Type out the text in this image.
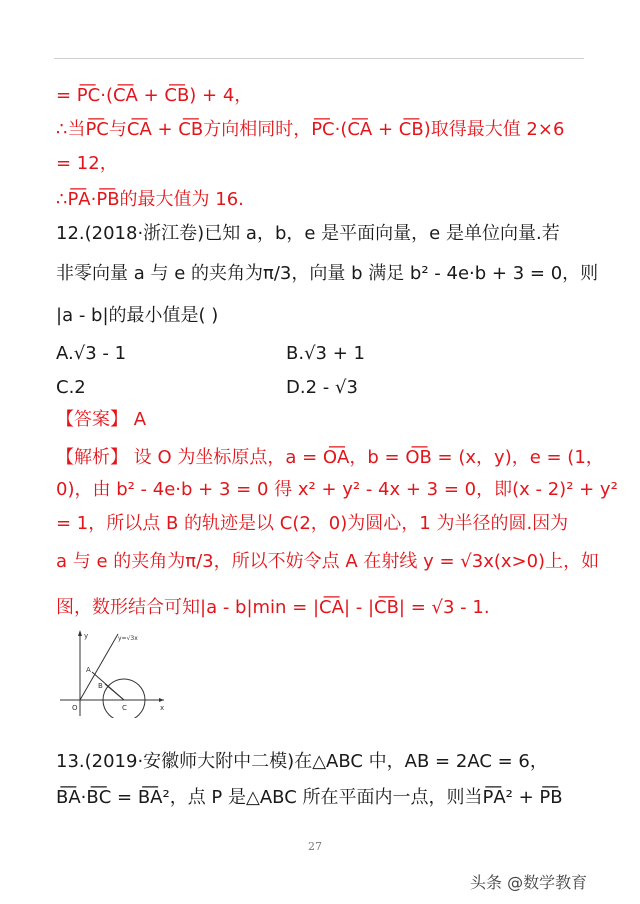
= P͞C·(C͞A + C͞B) + 4，
∴当P͞C与C͞A + C͞B方向相同时，P͞C·(C͞A + C͞B)取得最大值 2×6
= 12，
∴P͞A·P͞B的最大值为 16.
12.(2018·浙江卷)已知 a，b，e 是平面向量，e 是单位向量.若
非零向量 a 与 e 的夹角为π/3，向量 b 满足 b² - 4e·b + 3 = 0，则
|a - b|的最小值是( )
A.√3 - 1	B.√3 + 1
C.2	D.2 - √3
【答案】 A
【解析】 设 O 为坐标原点，a = O͞A，b = O͞B = (x，y)，e = (1，
0)，由 b² - 4e·b + 3 = 0 得 x² + y² - 4x + 3 = 0，即(x - 2)² + y²
= 1，所以点 B 的轨迹是以 C(2，0)为圆心，1 为半径的圆.因为
a 与 e 的夹角为π/3，所以不妨令点 A 在射线 y = √3x(x>0)上，如
图，数形结合可知|a - b|min = |C͞A| - |C͞B| = √3 - 1.
y
x
O
y=√3x
A
B
C
13.(2019·安徽师大附中二模)在△ABC 中，AB = 2AC = 6，
B͞A·B͞C = B͞A²，点 P 是△ABC 所在平面内一点，则当P͞A² + P͞B
27
头条 @数学教育
